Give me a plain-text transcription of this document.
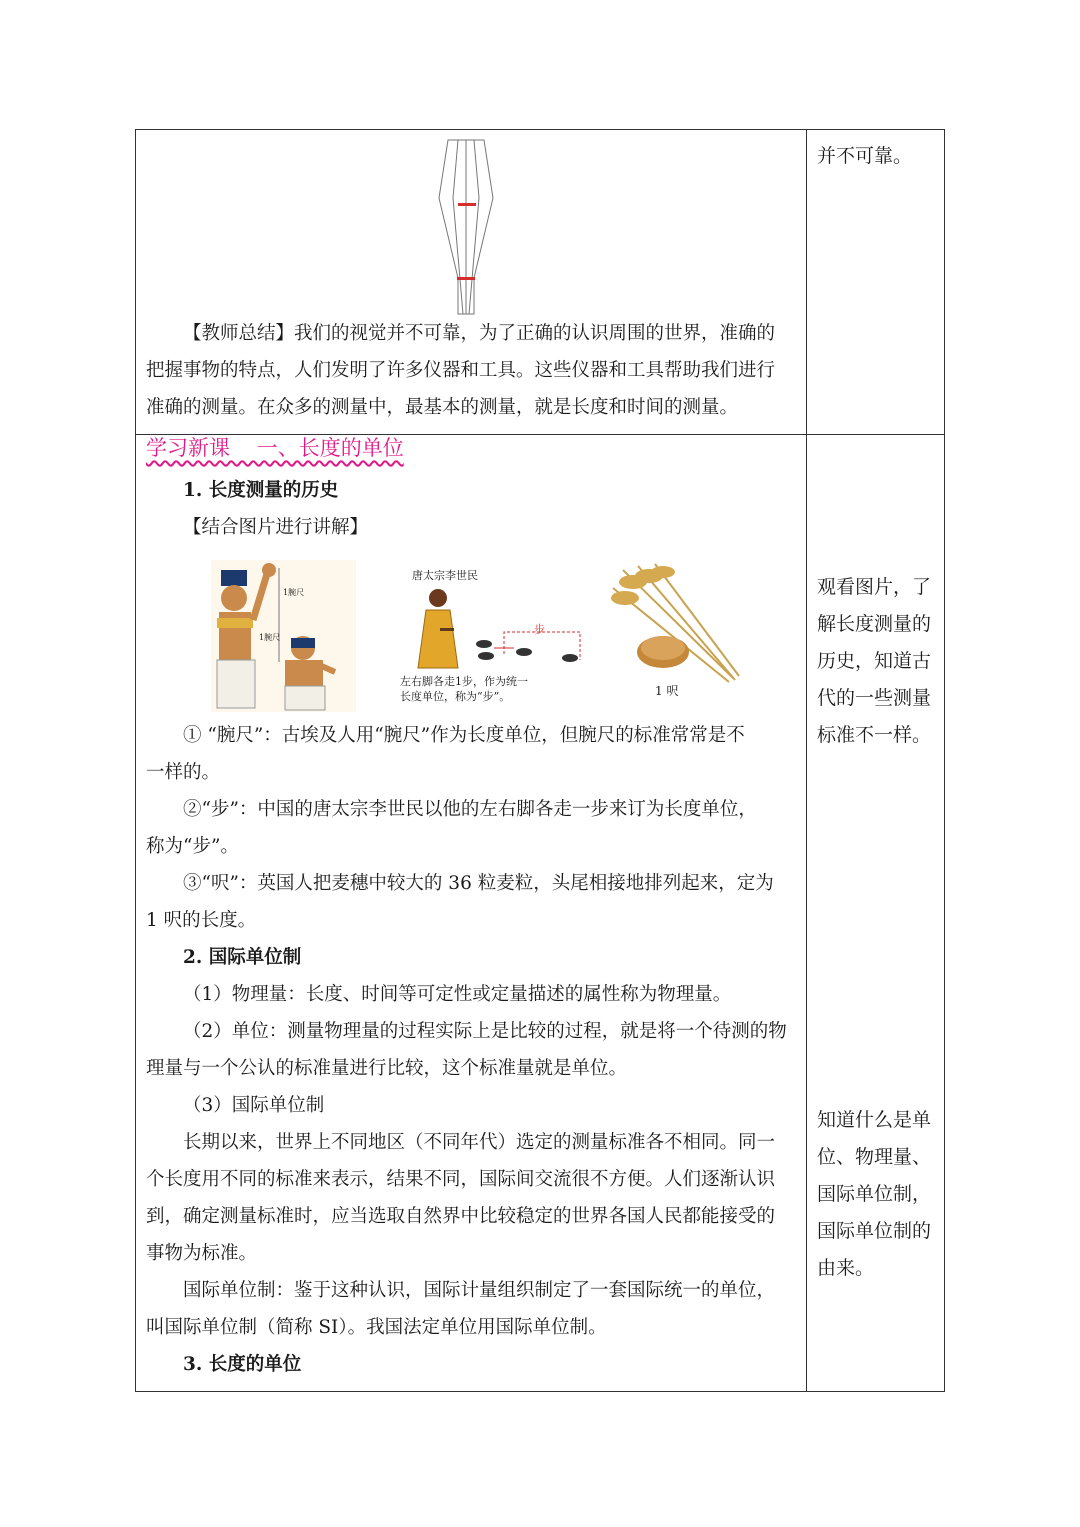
【教师总结】我们的视觉并不可靠，为了正确的认识周围的世界，准确的
把握事物的特点，人们发明了许多仪器和工具。这些仪器和工具帮助我们进行
准确的测量。在众多的测量中，最基本的测量，就是长度和时间的测量。
并不可靠。
学习新课    一、长度的单位
1. 长度测量的历史
【结合图片进行讲解】
1腕尺
1腕尺
唐太宗李世民
步
左右脚各走1步，作为统一
长度单位，称为“步”。	1 呎
① “腕尺”：古埃及人用“腕尺”作为长度单位，但腕尺的标准常常是不
一样的。
②“步”：中国的唐太宗李世民以他的左右脚各走一步来订为长度单位，
称为“步”。
③“呎”：英国人把麦穗中较大的 36 粒麦粒，头尾相接地排列起来，定为
1 呎的长度。
2. 国际单位制
（1）物理量：长度、时间等可定性或定量描述的属性称为物理量。
（2）单位：测量物理量的过程实际上是比较的过程，就是将一个待测的物
理量与一个公认的标准量进行比较，这个标准量就是单位。
（3）国际单位制
长期以来，世界上不同地区（不同年代）选定的测量标准各不相同。同一
个长度用不同的标准来表示，结果不同，国际间交流很不方便。人们逐渐认识
到，确定测量标准时，应当选取自然界中比较稳定的世界各国人民都能接受的
事物为标准。
国际单位制：鉴于这种认识，国际计量组织制定了一套国际统一的单位，
叫国际单位制（简称 SI）。我国法定单位用国际单位制。
3. 长度的单位
观看图片，了
解长度测量的
历史，知道古
代的一些测量
标准不一样。
知道什么是单
位、物理量、
国际单位制，
国际单位制的
由来。
